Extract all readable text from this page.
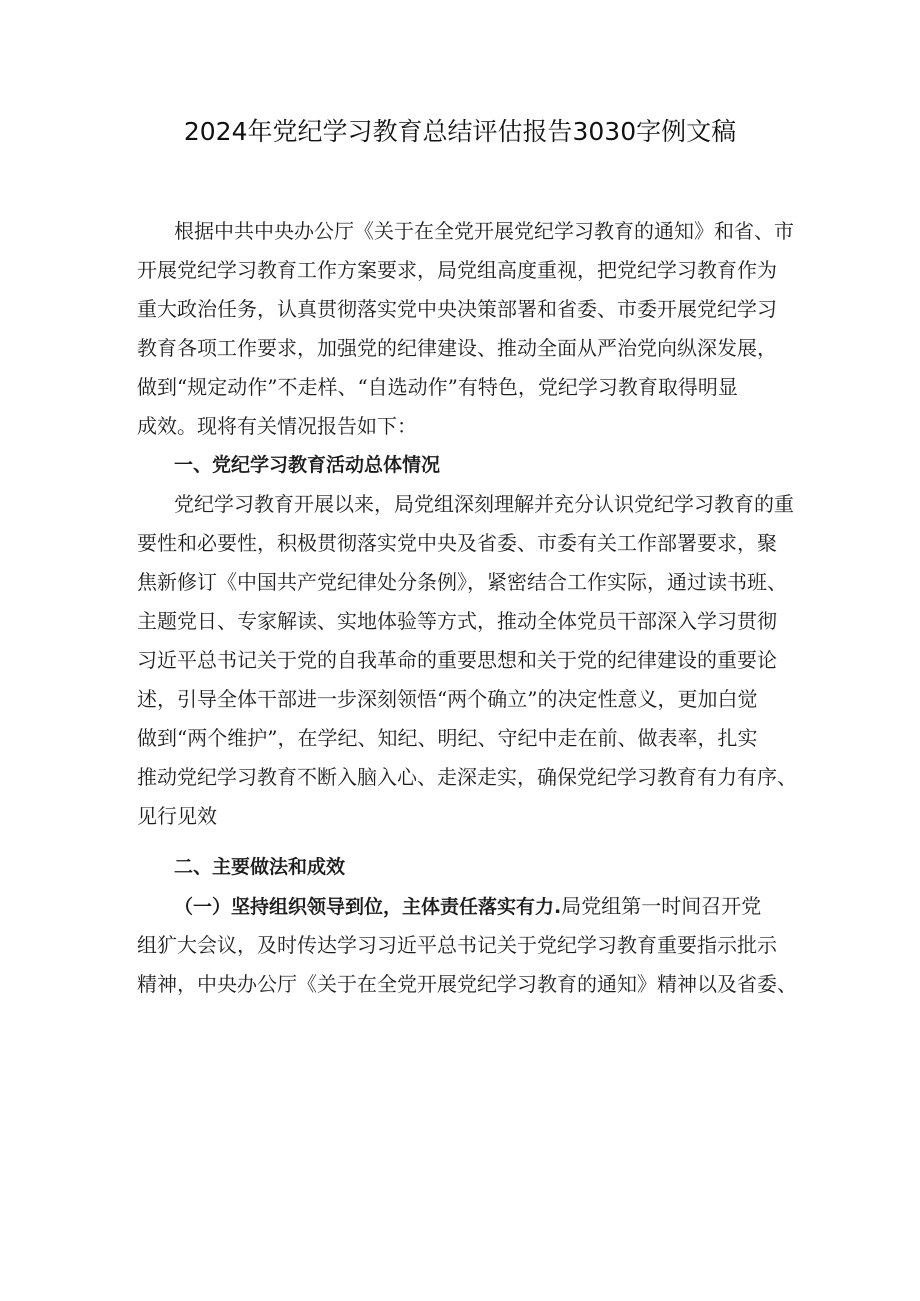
2024年党纪学习教育总结评估报告3030字例文稿
根据中共中央办公厅《关于在全党开展党纪学习教育的通知》和省、市
开展党纪学习教育工作方案要求，局党组高度重视，把党纪学习教育作为
重大政治任务，认真贯彻落实党中央决策部署和省委、市委开展党纪学习
教育各项工作要求，加强党的纪律建设、推动全面从严治党向纵深发展，
做到“规定动作”不走样、“自选动作”有特色，党纪学习教育取得明显
成效。现将有关情况报告如下：
一、党纪学习教育活动总体情况
党纪学习教育开展以来，局党组深刻理解并充分认识党纪学习教育的重
要性和必要性，积极贯彻落实党中央及省委、市委有关工作部署要求，聚
焦新修订《中国共产党纪律处分条例》，紧密结合工作实际，通过读书班、
主题党日、专家解读、实地体验等方式，推动全体党员干部深入学习贯彻
习近平总书记关于党的自我革命的重要思想和关于党的纪律建设的重要论
述，引导全体干部进一步深刻领悟“两个确立”的决定性意义，更加白觉
做到“两个维护”，在学纪、知纪、明纪、守纪中走在前、做表率，扎实
推动党纪学习教育不断入脑入心、走深走实，确保党纪学习教育有力有序、
见行见效
二、主要做法和成效
（一）坚持组织领导到位，主体责任落实有力.局党组第一时间召开党
组犷大会议，及时传达学习习近平总书记关于党纪学习教育重要指示批示
精神，中央办公厅《关于在全党开展党纪学习教育的通知》精神以及省委、
